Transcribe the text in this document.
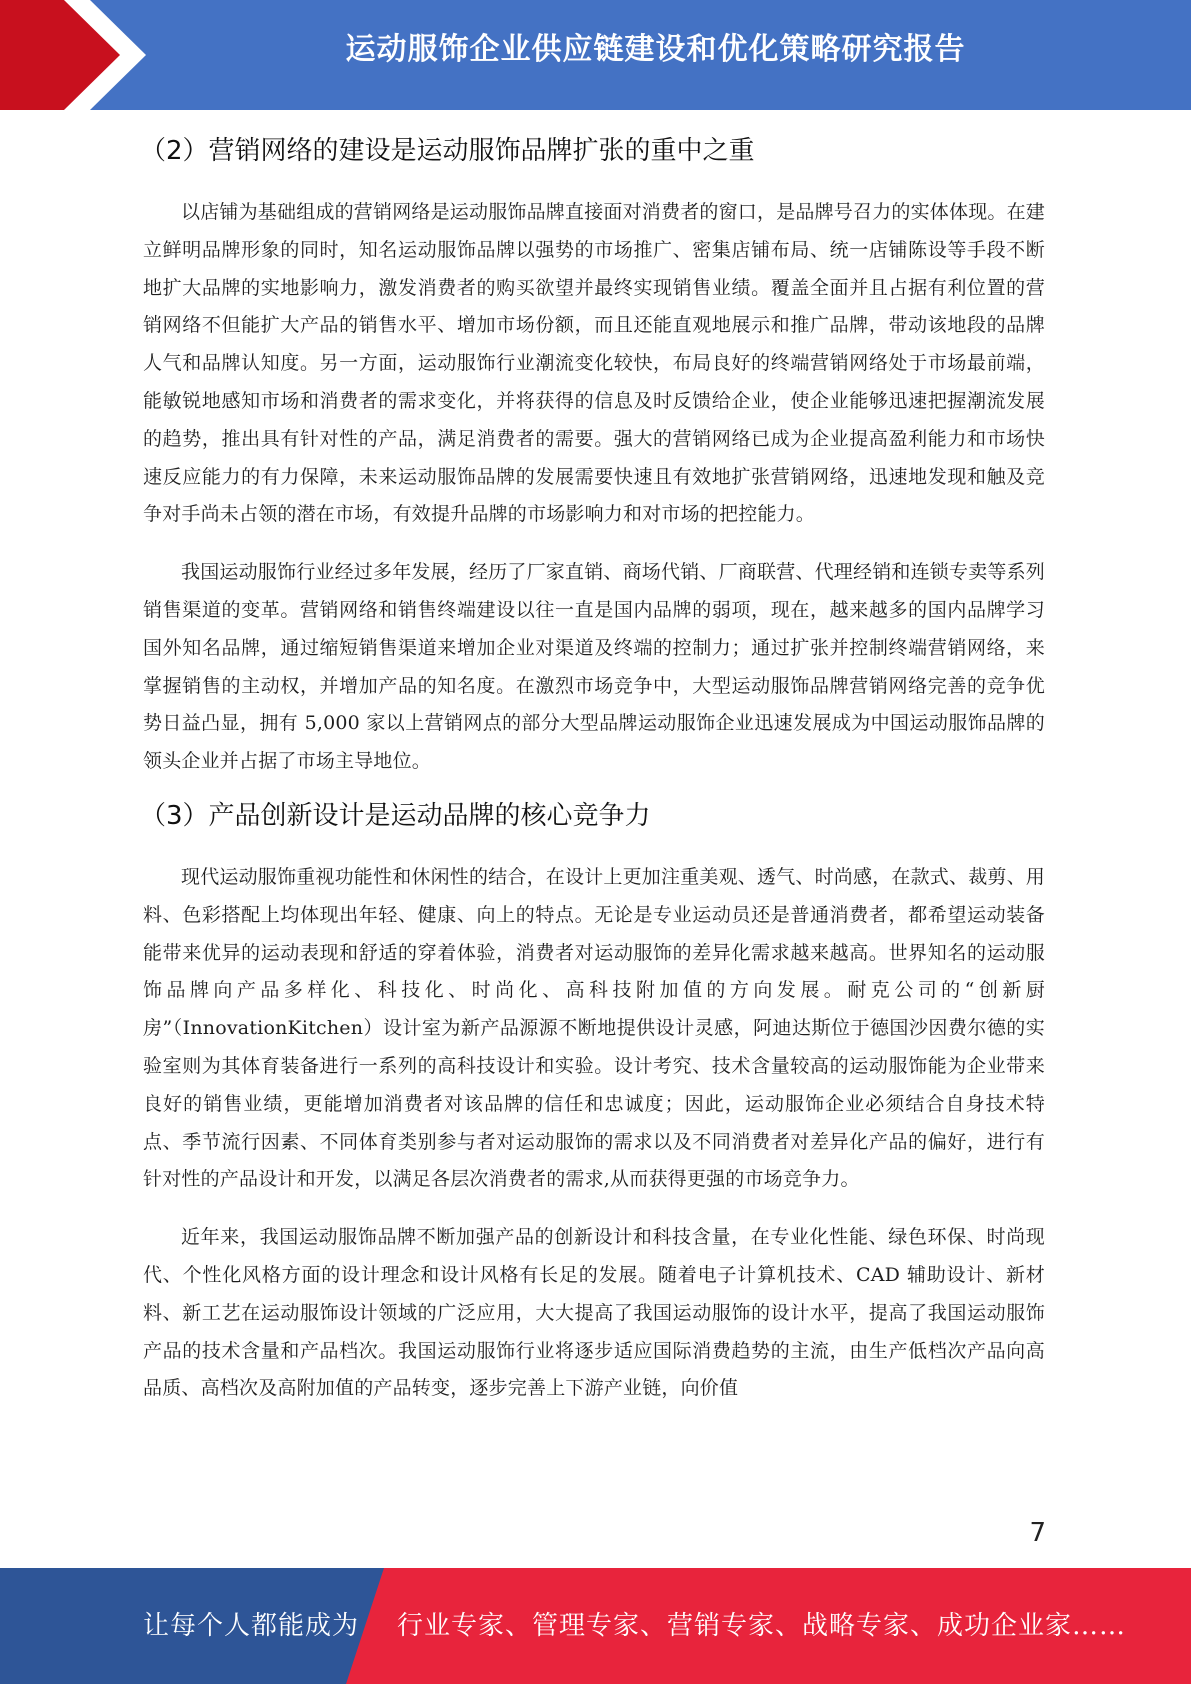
运动服饰企业供应链建设和优化策略研究报告
（2）营销网络的建设是运动服饰品牌扩张的重中之重

以店铺为基础组成的营销网络是运动服饰品牌直接面对消费者的窗口，是品牌号召力的实体体现。在建立鲜明品牌形象的同时，知名运动服饰品牌以强势的市场推广、密集店铺布局、统一店铺陈设等手段不断地扩大品牌的实地影响力，激发消费者的购买欲望并最终实现销售业绩。覆盖全面并且占据有利位置的营销网络不但能扩大产品的销售水平、增加市场份额，而且还能直观地展示和推广品牌，带动该地段的品牌人气和品牌认知度。另一方面，运动服饰行业潮流变化较快，布局良好的终端营销网络处于市场最前端，能敏锐地感知市场和消费者的需求变化，并将获得的信息及时反馈给企业，使企业能够迅速把握潮流发展的趋势，推出具有针对性的产品，满足消费者的需要。强大的营销网络已成为企业提高盈利能力和市场快速反应能力的有力保障，未来运动服饰品牌的发展需要快速且有效地扩张营销网络，迅速地发现和触及竞争对手尚未占领的潜在市场，有效提升品牌的市场影响力和对市场的把控能力。

我国运动服饰行业经过多年发展，经历了厂家直销、商场代销、厂商联营、代理经销和连锁专卖等系列销售渠道的变革。营销网络和销售终端建设以往一直是国内品牌的弱项，现在，越来越多的国内品牌学习国外知名品牌，通过缩短销售渠道来增加企业对渠道及终端的控制力；通过扩张并控制终端营销网络，来掌握销售的主动权，并增加产品的知名度。在激烈市场竞争中，大型运动服饰品牌营销网络完善的竞争优势日益凸显，拥有 5,000 家以上营销网点的部分大型品牌运动服饰企业迅速发展成为中国运动服饰品牌的领头企业并占据了市场主导地位。

（3）产品创新设计是运动品牌的核心竞争力

现代运动服饰重视功能性和休闲性的结合，在设计上更加注重美观、透气、时尚感，在款式、裁剪、用料、色彩搭配上均体现出年轻、健康、向上的特点。无论是专业运动员还是普通消费者，都希望运动装备能带来优异的运动表现和舒适的穿着体验，消费者对运动服饰的差异化需求越来越高。世界知名的运动服饰品牌向产品多样化、科技化、时尚化、高科技附加值的方向发展。耐克公司的“创新厨房”（InnovationKitchen）设计室为新产品源源不断地提供设计灵感，阿迪达斯位于德国沙因费尔德的实验室则为其体育装备进行一系列的高科技设计和实验。设计考究、技术含量较高的运动服饰能为企业带来良好的销售业绩，更能增加消费者对该品牌的信任和忠诚度；因此，运动服饰企业必须结合自身技术特点、季节流行因素、不同体育类别参与者对运动服饰的需求以及不同消费者对差异化产品的偏好，进行有针对性的产品设计和开发，以满足各层次消费者的需求,从而获得更强的市场竞争力。

近年来，我国运动服饰品牌不断加强产品的创新设计和科技含量，在专业化性能、绿色环保、时尚现代、个性化风格方面的设计理念和设计风格有长足的发展。随着电子计算机技术、CAD 辅助设计、新材料、新工艺在运动服饰设计领域的广泛应用，大大提高了我国运动服饰的设计水平，提高了我国运动服饰产品的技术含量和产品档次。我国运动服饰行业将逐步适应国际消费趋势的主流，由生产低档次产品向高品质、高档次及高附加值的产品转变，逐步完善上下游产业链，向价值

7
让每个人都能成为 行业专家、管理专家、营销专家、战略专家、成功企业家……
